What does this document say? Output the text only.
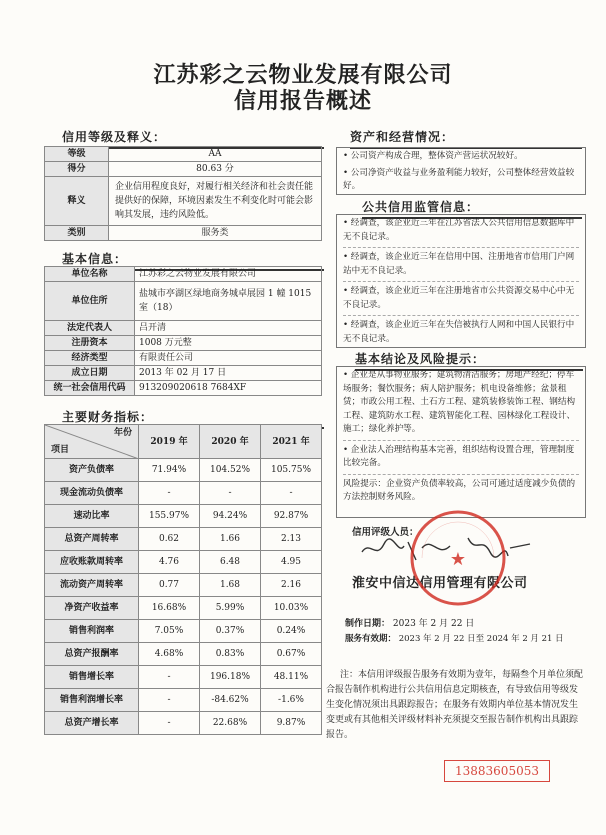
江苏彩之云物业发展有限公司
信用报告概述
信用等级及释义：
等级	AA
得分	80.63 分
释义	企业信用程度良好，对履行相关经济和社会责任能提供好的保障，环境因素发生不利变化时可能会影响其发展，违约风险低。
类别	服务类
基本信息：
单位名称	江苏彩之云物业发展有限公司
单位住所	盐城市亭湖区绿地商务城卓展园 1 幢 1015 室（18）
法定代表人	吕开清
注册资本	1008 万元整
经济类型	有限责任公司
成立日期	2013 年 02 月 17 日
统一社会信用代码	913209020618 7684XF
主要财务指标：
年份
项目	2019 年	2020 年	2021 年
资产负债率	71.94%	104.52%	105.75%
现金流动负债率	-	-	-
速动比率	155.97%	94.24%	92.87%
总资产周转率	0.62	1.66	2.13
应收账款周转率	4.76	6.48	4.95
流动资产周转率	0.77	1.68	2.16
净资产收益率	16.68%	5.99%	10.03%
销售利润率	7.05%	0.37%	0.24%
总资产报酬率	4.68%	0.83%	0.67%
销售增长率	-	196.18%	48.11%
销售利润增长率	-	-84.62%	-1.6%
总资产增长率	-	22.68%	9.87%
资产和经营情况：

• 公司资产构成合理，整体资产营运状况较好。

• 公司净资产收益与业务盈利能力较好，公司整体经营效益较好。

公共信用监管信息：

• 经调查，该企业近三年在江苏省法人公共信用信息数据库中无不良记录。

• 经调查，该企业近三年在信用中国、注册地省市信用门户网站中无不良记录。

• 经调查，该企业近三年在注册地省市公共资源交易中心中无不良记录。

• 经调查，该企业近三年在失信被执行人网和中国人民银行中无不良记录。

基本结论及风险提示：

• 企业是从事物业服务；建筑物清洁服务；房地产经纪；停车场服务；餐饮服务；病人陪护服务；机电设备维修；盆景租赁；市政公用工程、土石方工程、建筑装修装饰工程、钢结构工程、建筑防水工程、建筑智能化工程、园林绿化工程设计、施工；绿化养护等。

• 企业法人治理结构基本完善，组织结构设置合理，管理制度比较完备。

风险提示：企业资产负债率较高，公司可通过适度减少负债的方法控制财务风险。

信用评级人员：
淮安中信达信用管理有限公司
制作日期： 2023 年 2 月 22 日
服务有效期： 2023 年 2 月 22 日至 2024 年 2 月 21 日
★
注：本信用评级报告服务有效期为壹年，每隔叁个月单位须配合报告制作机构进行公共信用信息定期核查，有导致信用等级发生变化情况须出具跟踪报告；在服务有效期内单位基本情况发生变更或有其他相关评级材料补充须提交至报告制作机构出具跟踪报告。
13883605053
